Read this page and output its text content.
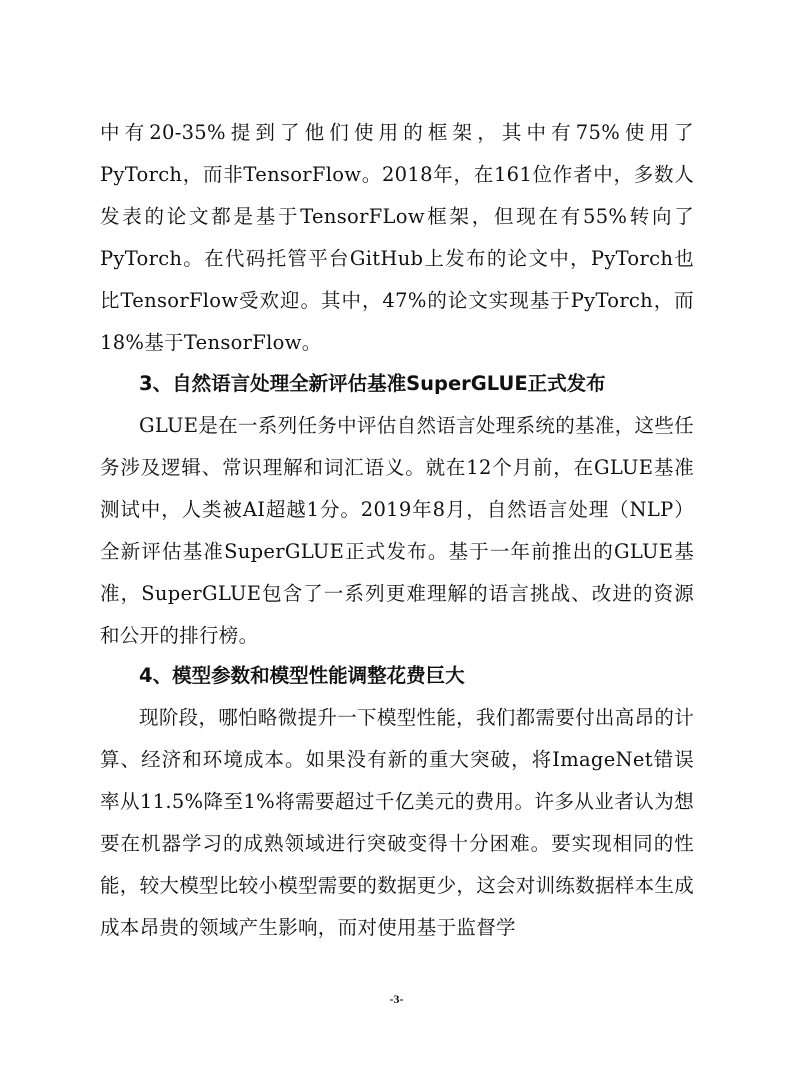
中有20-35%提到了他们使用的框架，其中有75%使用了PyTorch，而非TensorFlow。2018年，在161位作者中，多数人发表的论文都是基于TensorFLow框架，但现在有55%转向了PyTorch。在代码托管平台GitHub上发布的论文中，PyTorch也比TensorFlow受欢迎。其中，47%的论文实现基于PyTorch，而18%基于TensorFlow。

3、自然语言处理全新评估基准SuperGLUE正式发布

GLUE是在一系列任务中评估自然语言处理系统的基准，这些任务涉及逻辑、常识理解和词汇语义。就在12个月前，在GLUE基准测试中，人类被AI超越1分。2019年8月，自然语言处理（NLP）全新评估基准SuperGLUE正式发布。基于一年前推出的GLUE基准，SuperGLUE包含了一系列更难理解的语言挑战、改进的资源和公开的排行榜。

4、模型参数和模型性能调整花费巨大

现阶段，哪怕略微提升一下模型性能，我们都需要付出高昂的计算、经济和环境成本。如果没有新的重大突破，将ImageNet错误率从11.5%降至1%将需要超过千亿美元的费用。许多从业者认为想要在机器学习的成熟领域进行突破变得十分困难。要实现相同的性能，较大模型比较小模型需要的数据更少，这会对训练数据样本生成成本昂贵的领域产生影响，而对使用基于监督学

-3-
